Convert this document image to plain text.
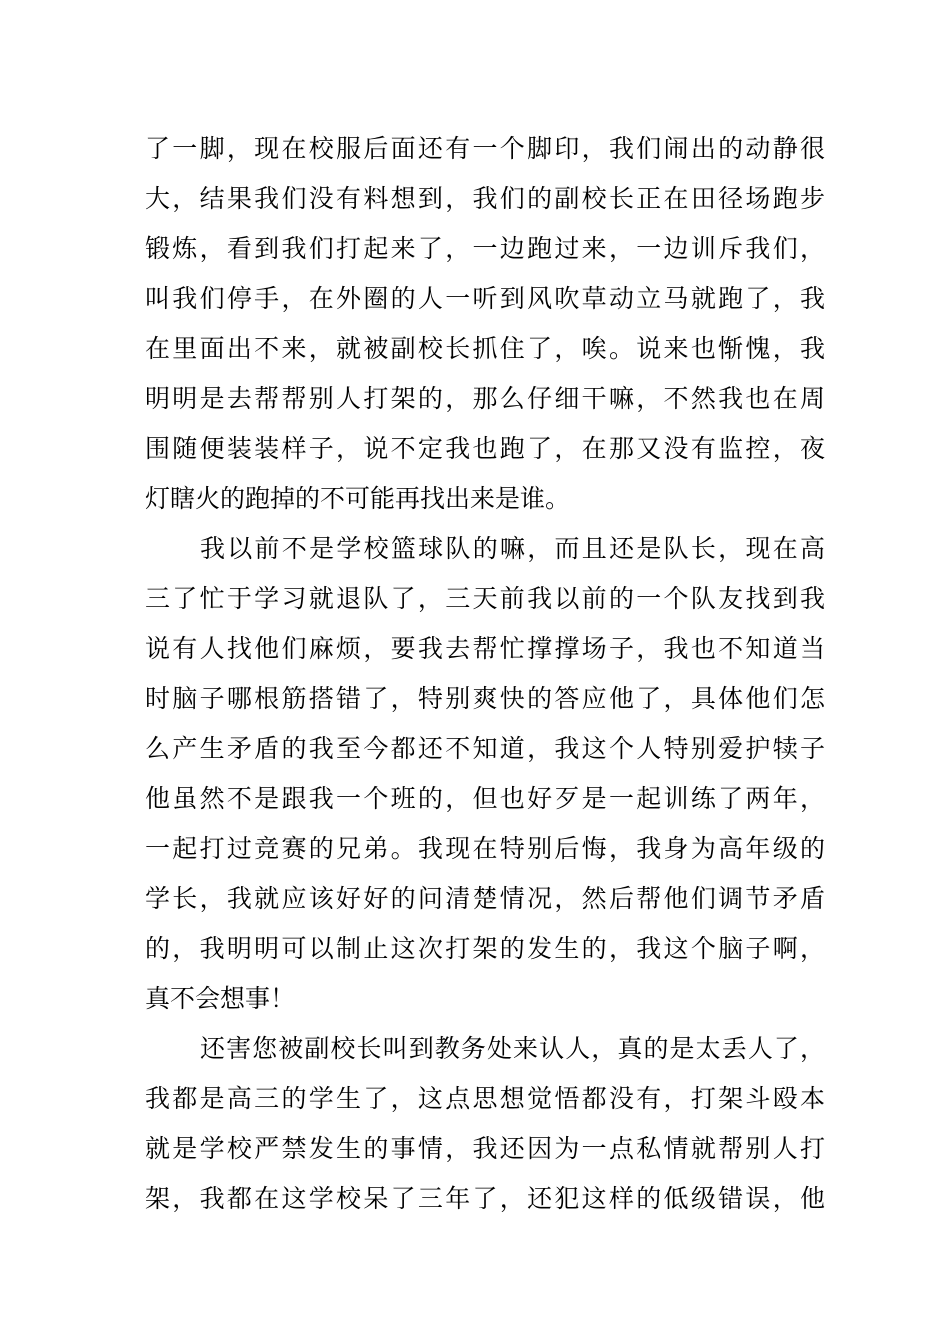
了一脚，现在校服后面还有一个脚印，我们闹出的动静很
大，结果我们没有料想到，我们的副校长正在田径场跑步
锻炼，看到我们打起来了，一边跑过来，一边训斥我们，
叫我们停手，在外圈的人一听到风吹草动立马就跑了，我
在里面出不来，就被副校长抓住了，唉。说来也惭愧，我
明明是去帮帮别人打架的，那么仔细干嘛，不然我也在周
围随便装装样子，说不定我也跑了，在那又没有监控，夜
灯瞎火的跑掉的不可能再找出来是谁。
我以前不是学校篮球队的嘛，而且还是队长，现在高
三了忙于学习就退队了，三天前我以前的一个队友找到我
说有人找他们麻烦，要我去帮忙撑撑场子，我也不知道当
时脑子哪根筋搭错了，特别爽快的答应他了，具体他们怎
么产生矛盾的我至今都还不知道，我这个人特别爱护犊子
他虽然不是跟我一个班的，但也好歹是一起训练了两年，
一起打过竞赛的兄弟。我现在特别后悔，我身为高年级的
学长，我就应该好好的问清楚情况，然后帮他们调节矛盾
的，我明明可以制止这次打架的发生的，我这个脑子啊，
真不会想事！
还害您被副校长叫到教务处来认人，真的是太丢人了，
我都是高三的学生了，这点思想觉悟都没有，打架斗殴本
就是学校严禁发生的事情，我还因为一点私情就帮别人打
架，我都在这学校呆了三年了，还犯这样的低级错误，他
